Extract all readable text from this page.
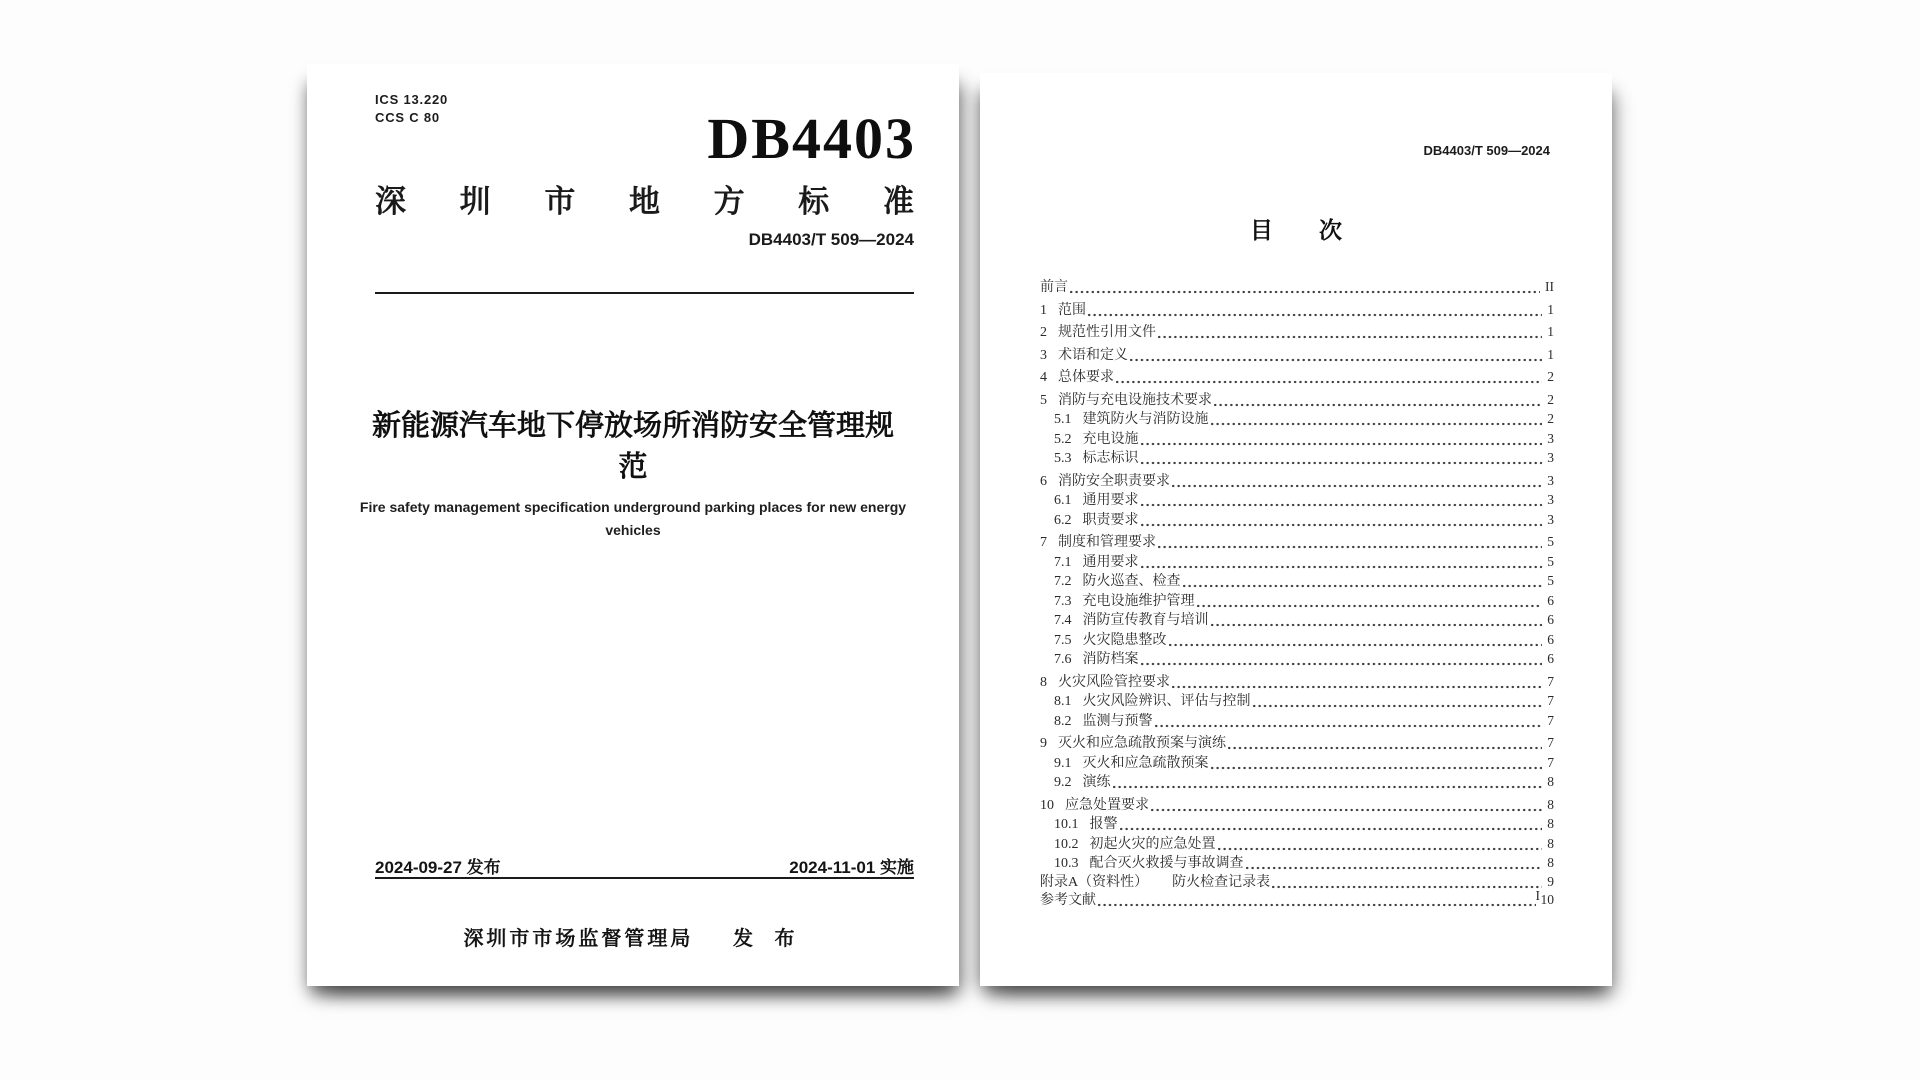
ICS 13.220
CCS C 80	DB4403
深 圳 市 地 方 标 准
DB4403/T 509—2024
新能源汽车地下停放场所消防安全管理规范
Fire safety management specification underground parking places for new energy vehicles
2024-09-27 发布	2024-11-01 实施
深圳市市场监督管理局 发 布
DB4403/T 509—2024
目　　次
前言	II
1 范围	1
2 规范性引用文件	1
3 术语和定义	1
4 总体要求	2
5 消防与充电设施技术要求	2
5.1 建筑防火与消防设施	2
5.2 充电设施	3
5.3 标志标识	3
6 消防安全职责要求	3
6.1 通用要求	3
6.2 职责要求	3
7 制度和管理要求	5
7.1 通用要求	5
7.2 防火巡查、检查	5
7.3 充电设施维护管理	6
7.4 消防宣传教育与培训	6
7.5 火灾隐患整改	6
7.6 消防档案	6
8 火灾风险管控要求	7
8.1 火灾风险辨识、评估与控制	7
8.2 监测与预警	7
9 灭火和应急疏散预案与演练	7
9.1 灭火和应急疏散预案	7
9.2 演练	8
10 应急处置要求	8
10.1 报警	8
10.2 初起火灾的应急处置	8
10.3 配合灭火救援与事故调查	8
附录A（资料性） 防火检查记录表	9
参考文献	10
I
